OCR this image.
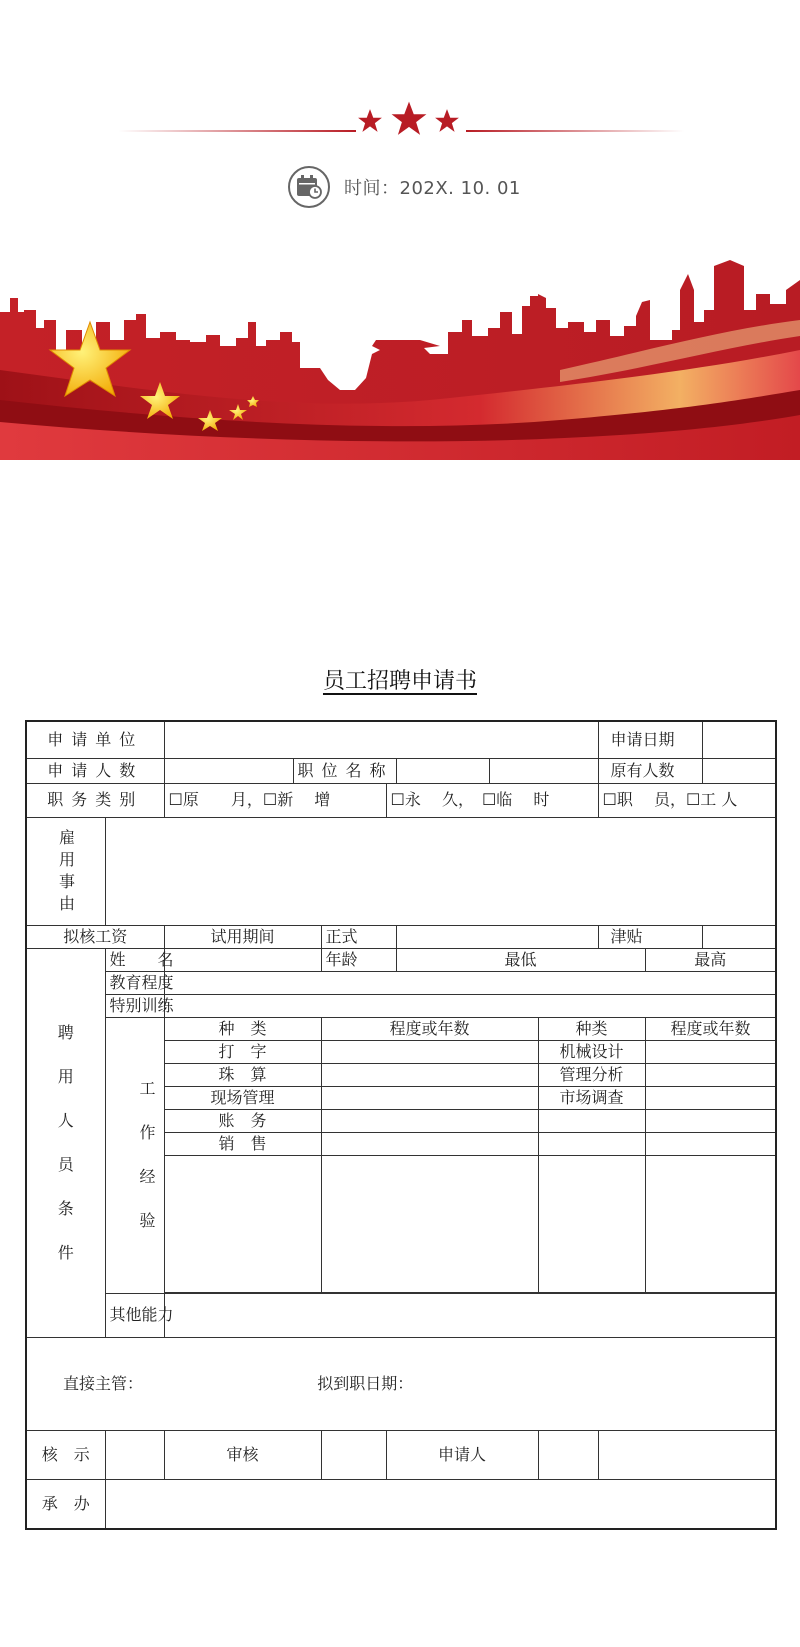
时间：202X. 10. 01
员工招聘申请书
申请单位									申请日期		
申请人数			职位名称						原有人数		
职务类别		☐原　　月，☐新　 增			☐永　 久，　☐临　 时				☐职　 员，☐工 人		
雇用事由											
拟核工资		试用期间		正式					津贴		
聘用人员条件	姓　　名			年龄		最低				最高	
	教育程度										
	特别训练										
	工作经验	种　类		程度或年数				种类		程度或年数	
		打　字						机械设计			
		珠　算						管理分析			
		现场管理						市场调查			
		账　务									
		销　售									

	其他能力										
直接主管： 拟到职日期：											
核　示		审核			申请人						
承　办											
